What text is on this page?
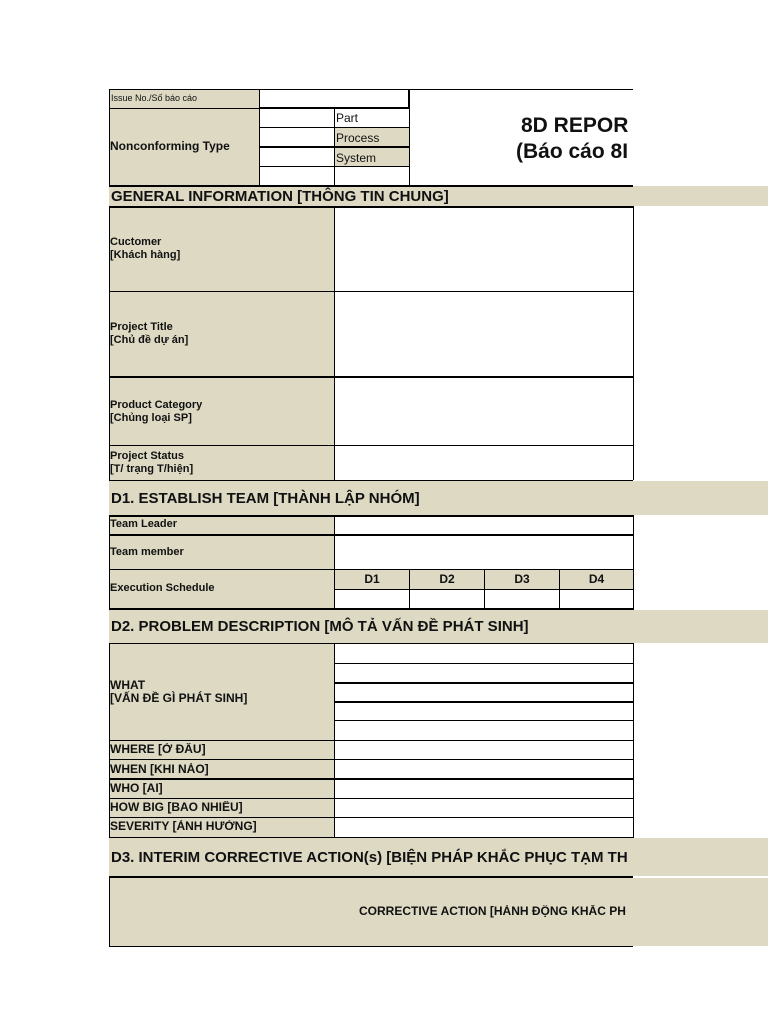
Issue No./Số báo cáo
Nonconforming Type
Part
Process
System
8D REPOR
(Báo cáo 8I
GENERAL INFORMATION [THÔNG TIN CHUNG]
Cuctomer
[Khách hàng]
Project Title
[Chủ đề dự án]
Product Category
[Chủng loại SP]
Project Status
[T/ trạng T/hiện]
D1. ESTABLISH TEAM [THÀNH LẬP NHÓM]
Team Leader
Team member
Execution Schedule
D1	D2	D3	D4
D2. PROBLEM DESCRIPTION [MÔ TẢ VẤN ĐỀ PHÁT SINH]
WHAT
[VẤN ĐỀ GÌ PHÁT SINH]
WHERE [Ở ĐÂU]
WHEN [KHI NÀO]
WHO [AI]
HOW BIG [BAO NHIÊU]
SEVERITY [ẢNH HƯỞNG]
D3. INTERIM CORRECTIVE ACTION(s) [BIỆN PHÁP KHẮC PHỤC TẠM TH
CORRECTIVE ACTION [HÀNH ĐỘNG KHẮC PH
